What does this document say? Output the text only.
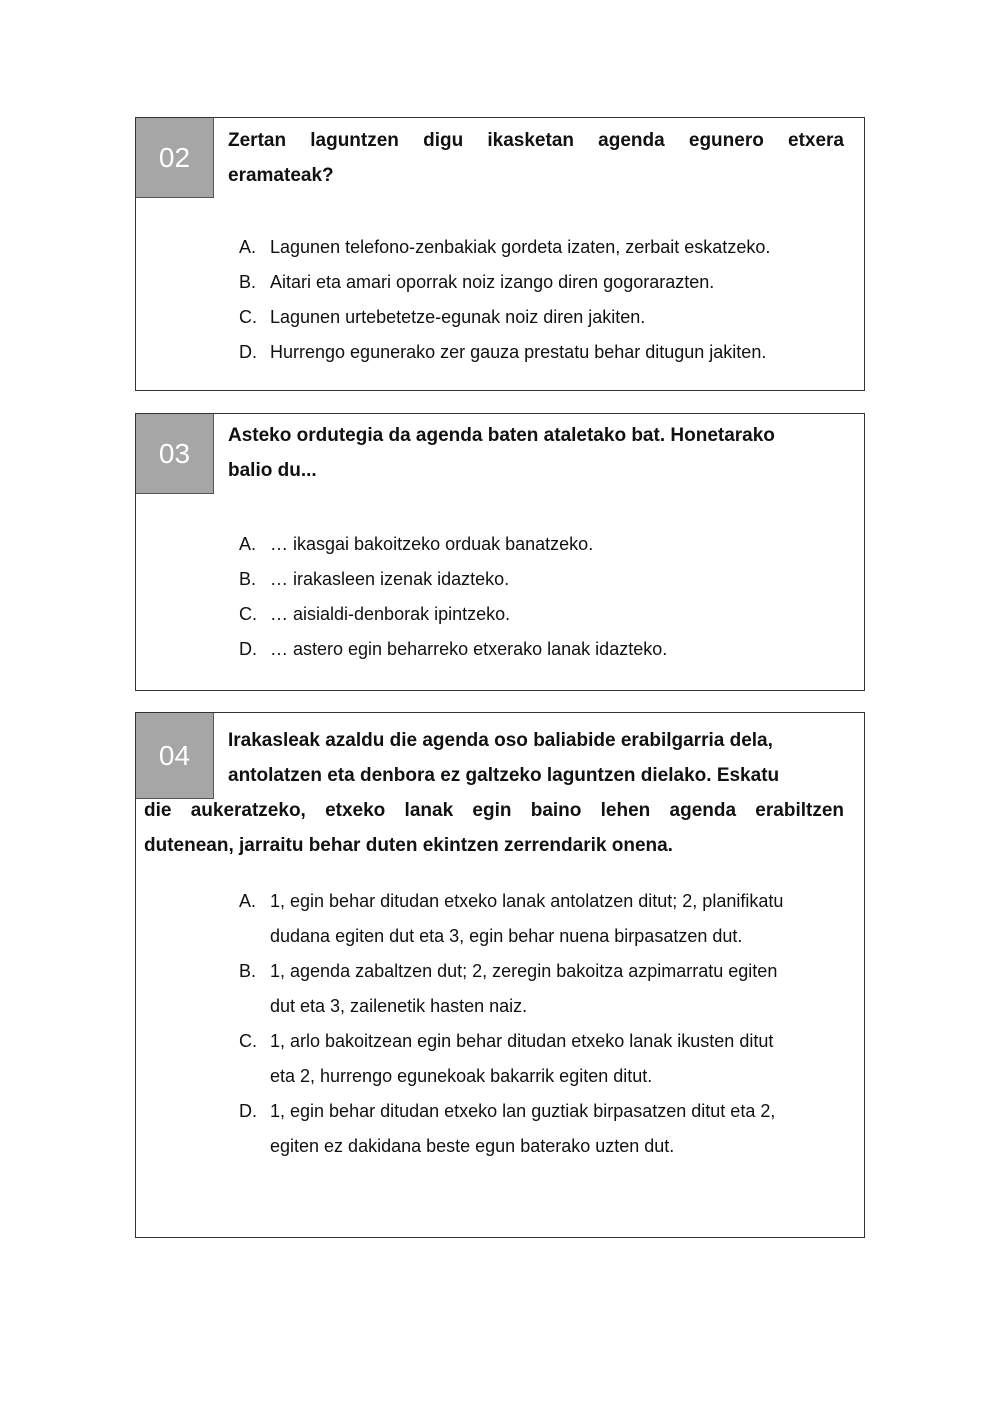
02
Zertan laguntzen digu ikasketan agenda egunero etxera
eramateak?
A. Lagunen telefono-zenbakiak gordeta izaten, zerbait eskatzeko.
B. Aitari eta amari oporrak noiz izango diren gogorarazten.
C. Lagunen urtebetetze-egunak noiz diren jakiten.
D. Hurrengo egunerako zer gauza prestatu behar ditugun jakiten.
03
Asteko ordutegia da agenda baten ataletako bat. Honetarako
balio du...
A. … ikasgai bakoitzeko orduak banatzeko.
B. … irakasleen izenak idazteko.
C. … aisialdi-denborak ipintzeko.
D. … astero egin beharreko etxerako lanak idazteko.
04	Irakasleak azaldu die agenda oso baliabide erabilgarria dela,
antolatzen eta denbora ez galtzeko laguntzen dielako. Eskatu
die aukeratzeko, etxeko lanak egin baino lehen agenda erabiltzen
dutenean, jarraitu behar duten ekintzen zerrendarik onena.
A. 1, egin behar ditudan etxeko lanak antolatzen ditut; 2, planifikatu
dudana egiten dut eta 3, egin behar nuena birpasatzen dut.
B. 1, agenda zabaltzen dut; 2, zeregin bakoitza azpimarratu egiten
dut eta 3, zailenetik hasten naiz.
C. 1, arlo bakoitzean egin behar ditudan etxeko lanak ikusten ditut
eta 2, hurrengo egunekoak bakarrik egiten ditut.
D. 1, egin behar ditudan etxeko lan guztiak birpasatzen ditut eta 2,
egiten ez dakidana beste egun baterako uzten dut.
